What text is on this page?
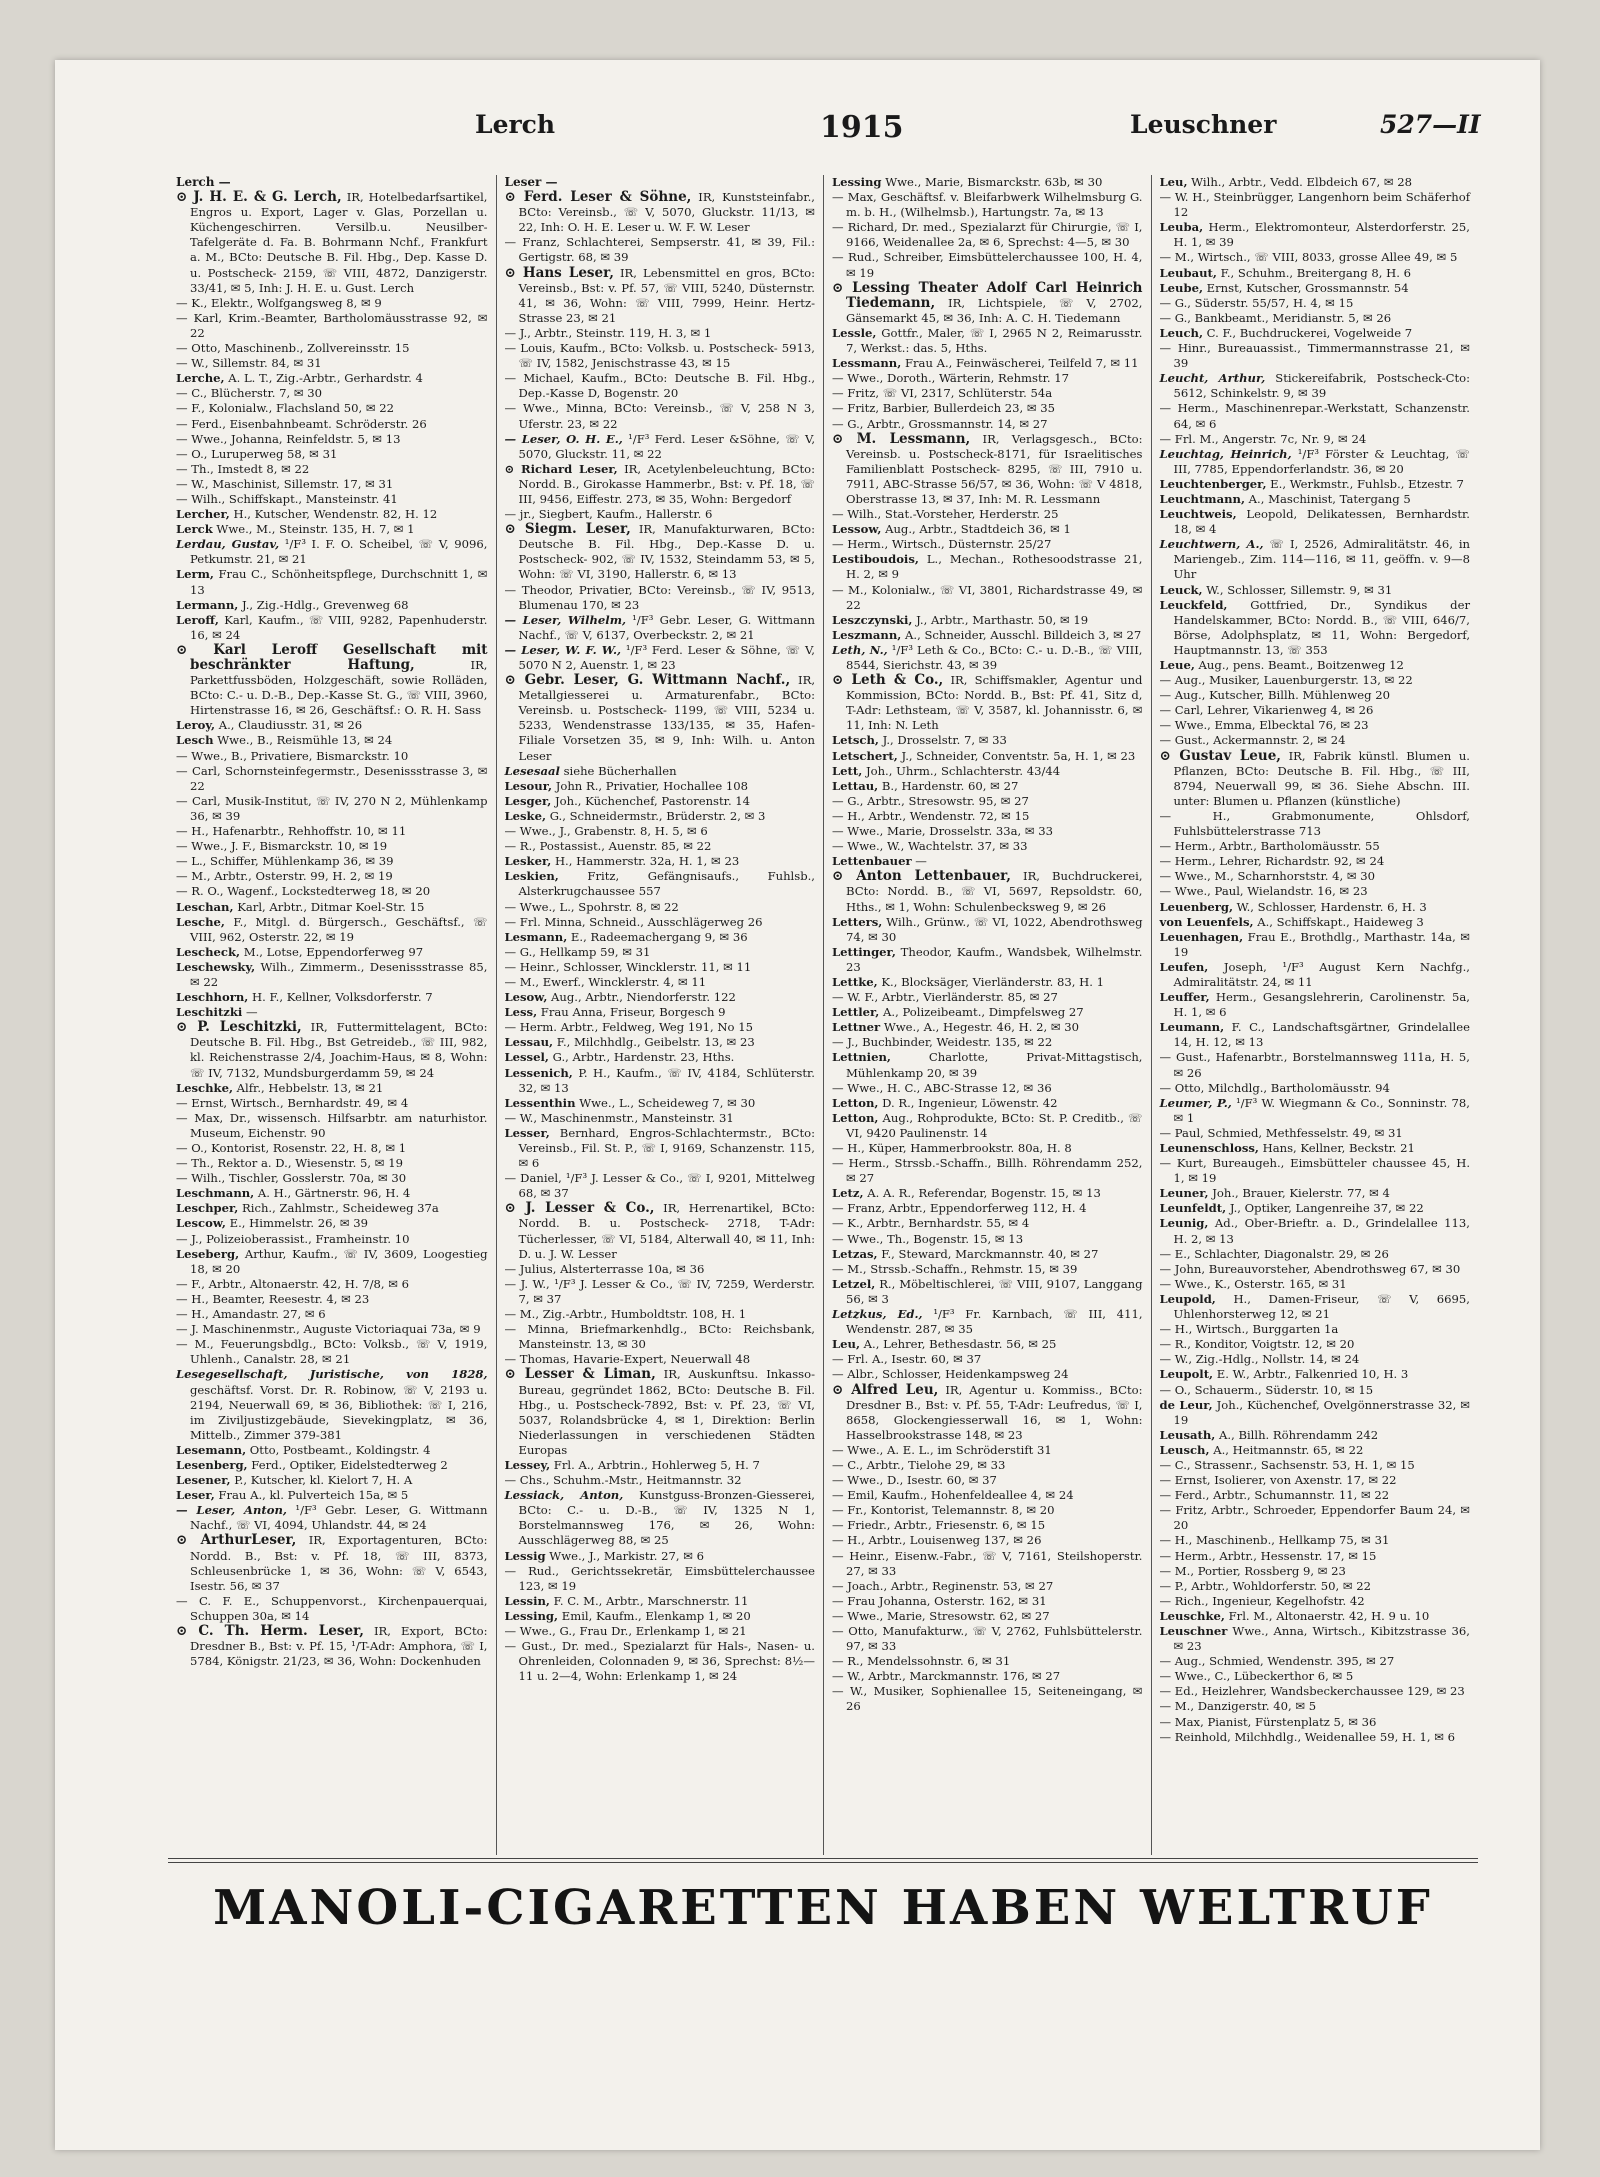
Lerch	1915	Leuschner	527—II
Lerch —

⊙ J. H. E. & G. Lerch, IR, Hotelbedarfsartikel, Engros u. Export, Lager v. Glas, Porzellan u. Küchengeschirren. Versilb.u. Neusilber-Tafelgeräte d. Fa. B. Bohrmann Nchf., Frankfurt a. M., BCto: Deutsche B. Fil. Hbg., Dep. Kasse D. u. Postscheck- 2159, ☏ VIII, 4872, Danzigerstr. 33/41, ✉ 5, Inh: J. H. E. u. Gust. Lerch

— K., Elektr., Wolfgangsweg 8, ✉ 9

— Karl, Krim.-Beamter, Bartholomäusstrasse 92, ✉ 22

— Otto, Maschinenb., Zollvereinsstr. 15

— W., Sillemstr. 84, ✉ 31

Lerche, A. L. T., Zig.-Arbtr., Gerhardstr. 4

— C., Blücherstr. 7, ✉ 30

— F., Kolonialw., Flachsland 50, ✉ 22

— Ferd., Eisenbahnbeamt. Schröderstr. 26

— Wwe., Johanna, Reinfeldstr. 5, ✉ 13

— O., Luruperweg 58, ✉ 31

— Th., Imstedt 8, ✉ 22

— W., Maschinist, Sillemstr. 17, ✉ 31

— Wilh., Schiffskapt., Mansteinstr. 41

Lercher, H., Kutscher, Wendenstr. 82, H. 12

Lerck Wwe., M., Steinstr. 135, H. 7, ✉ 1

Lerdau, Gustav, ¹/F³ I. F. O. Scheibel, ☏ V, 9096, Petkumstr. 21, ✉ 21

Lerm, Frau C., Schönheitspflege, Durchschnitt 1, ✉ 13

Lermann, J., Zig.-Hdlg., Grevenweg 68

Leroff, Karl, Kaufm., ☏ VIII, 9282, Papenhuderstr. 16, ✉ 24

⊙ Karl Leroff Gesellschaft mit beschränkter Haftung, IR, Parkettfussböden, Holzgeschäft, sowie Rolläden, BCto: C.- u. D.-B., Dep.-Kasse St. G., ☏ VIII, 3960, Hirtenstrasse 16, ✉ 26, Geschäftsf.: O. R. H. Sass

Leroy, A., Claudiusstr. 31, ✉ 26

Lesch Wwe., B., Reismühle 13, ✉ 24

— Wwe., B., Privatiere, Bismarckstr. 10

— Carl, Schornsteinfegermstr., Desenissstrasse 3, ✉ 22

— Carl, Musik-Institut, ☏ IV, 270 N 2, Mühlenkamp 36, ✉ 39

— H., Hafenarbtr., Rehhoffstr. 10, ✉ 11

— Wwe., J. F., Bismarckstr. 10, ✉ 19

— L., Schiffer, Mühlenkamp 36, ✉ 39

— M., Arbtr., Osterstr. 99, H. 2, ✉ 19

— R. O., Wagenf., Lockstedterweg 18, ✉ 20

Leschan, Karl, Arbtr., Ditmar Koel-Str. 15

Lesche, F., Mitgl. d. Bürgersch., Geschäftsf., ☏ VIII, 962, Osterstr. 22, ✉ 19

Lescheck, M., Lotse, Eppendorferweg 97

Leschewsky, Wilh., Zimmerm., Desenissstrasse 85, ✉ 22

Leschhorn, H. F., Kellner, Volksdorferstr. 7

Leschitzki —

⊙ P. Leschitzki, IR, Futtermittelagent, BCto: Deutsche B. Fil. Hbg., Bst Getreideb., ☏ III, 982, kl. Reichenstrasse 2/4, Joachim-Haus, ✉ 8, Wohn: ☏ IV, 7132, Mundsburgerdamm 59, ✉ 24

Leschke, Alfr., Hebbelstr. 13, ✉ 21

— Ernst, Wirtsch., Bernhardstr. 49, ✉ 4

— Max, Dr., wissensch. Hilfsarbtr. am naturhistor. Museum, Eichenstr. 90

— O., Kontorist, Rosenstr. 22, H. 8, ✉ 1

— Th., Rektor a. D., Wiesenstr. 5, ✉ 19

— Wilh., Tischler, Gosslerstr. 70a, ✉ 30

Leschmann, A. H., Gärtnerstr. 96, H. 4

Leschper, Rich., Zahlmstr., Scheideweg 37a

Lescow, E., Himmelstr. 26, ✉ 39

— J., Polizeioberassist., Framheinstr. 10

Leseberg, Arthur, Kaufm., ☏ IV, 3609, Loogestieg 18, ✉ 20

— F., Arbtr., Altonaerstr. 42, H. 7/8, ✉ 6

— H., Beamter, Reesestr. 4, ✉ 23

— H., Amandastr. 27, ✉ 6

— J. Maschinenmstr., Auguste Victoriaquai 73a, ✉ 9

— M., Feuerungsbdlg., BCto: Volksb., ☏ V, 1919, Uhlenh., Canalstr. 28, ✉ 21

Lesegesellschaft, Juristische, von 1828, geschäftsf. Vorst. Dr. R. Robinow, ☏ V, 2193 u. 2194, Neuerwall 69, ✉ 36, Bibliothek: ☏ I, 216, im Ziviljustizgebäude, Sievekingplatz, ✉ 36, Mittelb., Zimmer 379-381

Lesemann, Otto, Postbeamt., Koldingstr. 4

Lesenberg, Ferd., Optiker, Eidelstedterweg 2

Lesener, P., Kutscher, kl. Kielort 7, H. A

Leser, Frau A., kl. Pulverteich 15a, ✉ 5

— Leser, Anton, ¹/F³ Gebr. Leser, G. Wittmann Nachf., ☏ VI, 4094, Uhlandstr. 44, ✉ 24

⊙ ArthurLeser, IR, Exportagenturen, BCto: Nordd. B., Bst: v. Pf. 18, ☏ III, 8373, Schleusenbrücke 1, ✉ 36, Wohn: ☏ V, 6543, Isestr. 56, ✉ 37

— C. F. E., Schuppenvorst., Kirchenpauerquai, Schuppen 30a, ✉ 14

⊙ C. Th. Herm. Leser, IR, Export, BCto: Dresdner B., Bst: v. Pf. 15, ¹/T-Adr: Amphora, ☏ I, 5784, Königstr. 21/23, ✉ 36, Wohn: Dockenhuden

Leser —

⊙ Ferd. Leser & Söhne, IR, Kunststeinfabr., BCto: Vereinsb., ☏ V, 5070, Gluckstr. 11/13, ✉ 22, Inh: O. H. E. Leser u. W. F. W. Leser

— Franz, Schlachterei, Sempserstr. 41, ✉ 39, Fil.: Gertigstr. 68, ✉ 39

⊙ Hans Leser, IR, Lebensmittel en gros, BCto: Vereinsb., Bst: v. Pf. 57, ☏ VIII, 5240, Düsternstr. 41, ✉ 36, Wohn: ☏ VIII, 7999, Heinr. Hertz-Strasse 23, ✉ 21

— J., Arbtr., Steinstr. 119, H. 3, ✉ 1

— Louis, Kaufm., BCto: Volksb. u. Postscheck- 5913, ☏ IV, 1582, Jenischstrasse 43, ✉ 15

— Michael, Kaufm., BCto: Deutsche B. Fil. Hbg., Dep.-Kasse D, Bogenstr. 20

— Wwe., Minna, BCto: Vereinsb., ☏ V, 258 N 3, Uferstr. 23, ✉ 22

— Leser, O. H. E., ¹/F³ Ferd. Leser &Söhne, ☏ V, 5070, Gluckstr. 11, ✉ 22

⊙ Richard Leser, IR, Acetylenbeleuchtung, BCto: Nordd. B., Girokasse Hammerbr., Bst: v. Pf. 18, ☏ III, 9456, Eiffestr. 273, ✉ 35, Wohn: Bergedorf

— jr., Siegbert, Kaufm., Hallerstr. 6

⊙ Siegm. Leser, IR, Manufakturwaren, BCto: Deutsche B. Fil. Hbg., Dep.-Kasse D. u. Postscheck- 902, ☏ IV, 1532, Steindamm 53, ✉ 5, Wohn: ☏ VI, 3190, Hallerstr. 6, ✉ 13

— Theodor, Privatier, BCto: Vereinsb., ☏ IV, 9513, Blumenau 170, ✉ 23

— Leser, Wilhelm, ¹/F³ Gebr. Leser, G. Wittmann Nachf., ☏ V, 6137, Overbeckstr. 2, ✉ 21

— Leser, W. F. W., ¹/F³ Ferd. Leser & Söhne, ☏ V, 5070 N 2, Auenstr. 1, ✉ 23

⊙ Gebr. Leser, G. Wittmann Nachf., IR, Metallgiesserei u. Armaturenfabr., BCto: Vereinsb. u. Postscheck- 1199, ☏ VIII, 5234 u. 5233, Wendenstrasse 133/135, ✉ 35, Hafen-Filiale Vorsetzen 35, ✉ 9, Inh: Wilh. u. Anton Leser

Lesesaal siehe Bücherhallen

Lesour, John R., Privatier, Hochallee 108

Lesger, Joh., Küchenchef, Pastorenstr. 14

Leske, G., Schneidermstr., Brüderstr. 2, ✉ 3

— Wwe., J., Grabenstr. 8, H. 5, ✉ 6

— R., Postassist., Auenstr. 85, ✉ 22

Lesker, H., Hammerstr. 32a, H. 1, ✉ 23

Leskien, Fritz, Gefängnisaufs., Fuhlsb., Alsterkrugchaussee 557

— Wwe., L., Spohrstr. 8, ✉ 22

— Frl. Minna, Schneid., Ausschlägerweg 26

Lesmann, E., Radeemachergang 9, ✉ 36

— G., Hellkamp 59, ✉ 31

— Heinr., Schlosser, Wincklerstr. 11, ✉ 11

— M., Ewerf., Wincklerstr. 4, ✉ 11

Lesow, Aug., Arbtr., Niendorferstr. 122

Less, Frau Anna, Friseur, Borgesch 9

— Herm. Arbtr., Feldweg, Weg 191, No 15

Lessau, F., Milchhdlg., Geibelstr. 13, ✉ 23

Lessel, G., Arbtr., Hardenstr. 23, Hths.

Lessenich, P. H., Kaufm., ☏ IV, 4184, Schlüterstr. 32, ✉ 13

Lessenthin Wwe., L., Scheideweg 7, ✉ 30

— W., Maschinenmstr., Mansteinstr. 31

Lesser, Bernhard, Engros-Schlachtermstr., BCto: Vereinsb., Fil. St. P., ☏ I, 9169, Schanzenstr. 115, ✉ 6

— Daniel, ¹/F³ J. Lesser & Co., ☏ I, 9201, Mittelweg 68, ✉ 37

⊙ J. Lesser & Co., IR, Herrenartikel, BCto: Nordd. B. u. Postscheck- 2718, T-Adr: Tücherlesser, ☏ VI, 5184, Alterwall 40, ✉ 11, Inh: D. u. J. W. Lesser

— Julius, Alsterterrasse 10a, ✉ 36

— J. W., ¹/F³ J. Lesser & Co., ☏ IV, 7259, Werderstr. 7, ✉ 37

— M., Zig.-Arbtr., Humboldtstr. 108, H. 1

— Minna, Briefmarkenhdlg., BCto: Reichsbank, Mansteinstr. 13, ✉ 30

— Thomas, Havarie-Expert, Neuerwall 48

⊙ Lesser & Liman, IR, Auskunftsu. Inkasso-Bureau, gegründet 1862, BCto: Deutsche B. Fil. Hbg., u. Postscheck-7892, Bst: v. Pf. 23, ☏ VI, 5037, Rolandsbrücke 4, ✉ 1, Direktion: Berlin Niederlassungen in verschiedenen Städten Europas

Lessey, Frl. A., Arbtrin., Hohlerweg 5, H. 7

— Chs., Schuhm.-Mstr., Heitmannstr. 32

Lessiack, Anton, Kunstguss-Bronzen-Giesserei, BCto: C.- u. D.-B., ☏ IV, 1325 N 1, Borstelmannsweg 176, ✉ 26, Wohn: Ausschlägerweg 88, ✉ 25

Lessig Wwe., J., Markistr. 27, ✉ 6

— Rud., Gerichtssekretär, Eimsbüttelerchaussee 123, ✉ 19

Lessin, F. C. M., Arbtr., Marschnerstr. 11

Lessing, Emil, Kaufm., Elenkamp 1, ✉ 20

— Wwe., G., Frau Dr., Erlenkamp 1, ✉ 21

— Gust., Dr. med., Spezialarzt für Hals-, Nasen- u. Ohrenleiden, Colonnaden 9, ✉ 36, Sprechst: 8½—11 u. 2—4, Wohn: Erlenkamp 1, ✉ 24

Lessing Wwe., Marie, Bismarckstr. 63b, ✉ 30

— Max, Geschäftsf. v. Bleifarbwerk Wilhelmsburg G. m. b. H., (Wilhelmsb.), Hartungstr. 7a, ✉ 13

— Richard, Dr. med., Spezialarzt für Chirurgie, ☏ I, 9166, Weidenallee 2a, ✉ 6, Sprechst: 4—5, ✉ 30

— Rud., Schreiber, Eimsbüttelerchaussee 100, H. 4, ✉ 19

⊙ Lessing Theater Adolf Carl Heinrich Tiedemann, IR, Lichtspiele, ☏ V, 2702, Gänsemarkt 45, ✉ 36, Inh: A. C. H. Tiedemann

Lessle, Gottfr., Maler, ☏ I, 2965 N 2, Reimarusstr. 7, Werkst.: das. 5, Hths.

Lessmann, Frau A., Feinwäscherei, Teilfeld 7, ✉ 11

— Wwe., Doroth., Wärterin, Rehmstr. 17

— Fritz, ☏ VI, 2317, Schlüterstr. 54a

— Fritz, Barbier, Bullerdeich 23, ✉ 35

— G., Arbtr., Grossmannstr. 14, ✉ 27

⊙ M. Lessmann, IR, Verlagsgesch., BCto: Vereinsb. u. Postscheck-8171, für Israelitisches Familienblatt Postscheck- 8295, ☏ III, 7910 u. 7911, ABC-Strasse 56/57, ✉ 36, Wohn: ☏ V 4818, Oberstrasse 13, ✉ 37, Inh: M. R. Lessmann

— Wilh., Stat.-Vorsteher, Herderstr. 25

Lessow, Aug., Arbtr., Stadtdeich 36, ✉ 1

— Herm., Wirtsch., Düsternstr. 25/27

Lestiboudois, L., Mechan., Rothesoodstrasse 21, H. 2, ✉ 9

— M., Kolonialw., ☏ VI, 3801, Richardstrasse 49, ✉ 22

Leszczynski, J., Arbtr., Marthastr. 50, ✉ 19

Leszmann, A., Schneider, Ausschl. Billdeich 3, ✉ 27

Leth, N., ¹/F³ Leth & Co., BCto: C.- u. D.-B., ☏ VIII, 8544, Sierichstr. 43, ✉ 39

⊙ Leth & Co., IR, Schiffsmakler, Agentur und Kommission, BCto: Nordd. B., Bst: Pf. 41, Sitz d, T-Adr: Lethsteam, ☏ V, 3587, kl. Johannisstr. 6, ✉ 11, Inh: N. Leth

Letsch, J., Drosselstr. 7, ✉ 33

Letschert, J., Schneider, Conventstr. 5a, H. 1, ✉ 23

Lett, Joh., Uhrm., Schlachterstr. 43/44

Lettau, B., Hardenstr. 60, ✉ 27

— G., Arbtr., Stresowstr. 95, ✉ 27

— H., Arbtr., Wendenstr. 72, ✉ 15

— Wwe., Marie, Drosselstr. 33a, ✉ 33

— Wwe., W., Wachtelstr. 37, ✉ 33

Lettenbauer —

⊙ Anton Lettenbauer, IR, Buchdruckerei, BCto: Nordd. B., ☏ VI, 5697, Repsoldstr. 60, Hths., ✉ 1, Wohn: Schulenbecksweg 9, ✉ 26

Letters, Wilh., Grünw., ☏ VI, 1022, Abendrothsweg 74, ✉ 30

Lettinger, Theodor, Kaufm., Wandsbek, Wilhelmstr. 23

Lettke, K., Blocksäger, Vierländerstr. 83, H. 1

— W. F., Arbtr., Vierländerstr. 85, ✉ 27

Lettler, A., Polizeibeamt., Dimpfelsweg 27

Lettner Wwe., A., Hegestr. 46, H. 2, ✉ 30

— J., Buchbinder, Weidestr. 135, ✉ 22

Lettnien, Charlotte, Privat-Mittagstisch, Mühlenkamp 20, ✉ 39

— Wwe., H. C., ABC-Strasse 12, ✉ 36

Letton, D. R., Ingenieur, Löwenstr. 42

Letton, Aug., Rohprodukte, BCto: St. P. Creditb., ☏ VI, 9420 Paulinenstr. 14

— H., Küper, Hammerbrookstr. 80a, H. 8

— Herm., Strssb.-Schaffn., Billh. Röhrendamm 252, ✉ 27

Letz, A. A. R., Referendar, Bogenstr. 15, ✉ 13

— Franz, Arbtr., Eppendorferweg 112, H. 4

— K., Arbtr., Bernhardstr. 55, ✉ 4

— Wwe., Th., Bogenstr. 15, ✉ 13

Letzas, F., Steward, Marckmannstr. 40, ✉ 27

— M., Strssb.-Schaffn., Rehmstr. 15, ✉ 39

Letzel, R., Möbeltischlerei, ☏ VIII, 9107, Langgang 56, ✉ 3

Letzkus, Ed., ¹/F³ Fr. Karnbach, ☏ III, 411, Wendenstr. 287, ✉ 35

Leu, A., Lehrer, Bethesdastr. 56, ✉ 25

— Frl. A., Isestr. 60, ✉ 37

— Albr., Schlosser, Heidenkampsweg 24

⊙ Alfred Leu, IR, Agentur u. Kommiss., BCto: Dresdner B., Bst: v. Pf. 55, T-Adr: Leufredus, ☏ I, 8658, Glockengiesserwall 16, ✉ 1, Wohn: Hasselbrookstrasse 148, ✉ 23

— Wwe., A. E. L., im Schröderstift 31

— C., Arbtr., Tielohe 29, ✉ 33

— Wwe., D., Isestr. 60, ✉ 37

— Emil, Kaufm., Hohenfeldeallee 4, ✉ 24

— Fr., Kontorist, Telemannstr. 8, ✉ 20

— Friedr., Arbtr., Friesenstr. 6, ✉ 15

— H., Arbtr., Louisenweg 137, ✉ 26

— Heinr., Eisenw.-Fabr., ☏ V, 7161, Steilshoperstr. 27, ✉ 33

— Joach., Arbtr., Reginenstr. 53, ✉ 27

— Frau Johanna, Osterstr. 162, ✉ 31

— Wwe., Marie, Stresowstr. 62, ✉ 27

— Otto, Manufakturw., ☏ V, 2762, Fuhlsbüttelerstr. 97, ✉ 33

— R., Mendelssohnstr. 6, ✉ 31

— W., Arbtr., Marckmannstr. 176, ✉ 27

— W., Musiker, Sophienallee 15, Seiteneingang, ✉ 26

Leu, Wilh., Arbtr., Vedd. Elbdeich 67, ✉ 28

— W. H., Steinbrügger, Langenhorn beim Schäferhof 12

Leuba, Herm., Elektromonteur, Alsterdorferstr. 25, H. 1, ✉ 39

— M., Wirtsch., ☏ VIII, 8033, grosse Allee 49, ✉ 5

Leubaut, F., Schuhm., Breitergang 8, H. 6

Leube, Ernst, Kutscher, Grossmannstr. 54

— G., Süderstr. 55/57, H. 4, ✉ 15

— G., Bankbeamt., Meridianstr. 5, ✉ 26

Leuch, C. F., Buchdruckerei, Vogelweide 7

— Hinr., Bureauassist., Timmermannstrasse 21, ✉ 39

Leucht, Arthur, Stickereifabrik, Postscheck-Cto: 5612, Schinkelstr. 9, ✉ 39

— Herm., Maschinenrepar.-Werkstatt, Schanzenstr. 64, ✉ 6

— Frl. M., Angerstr. 7c, Nr. 9, ✉ 24

Leuchtag, Heinrich, ¹/F³ Förster & Leuchtag, ☏ III, 7785, Eppendorferlandstr. 36, ✉ 20

Leuchtenberger, E., Werkmstr., Fuhlsb., Etzestr. 7

Leuchtmann, A., Maschinist, Tatergang 5

Leuchtweis, Leopold, Delikatessen, Bernhardstr. 18, ✉ 4

Leuchtwern, A., ☏ I, 2526, Admiralitätstr. 46, in Mariengeb., Zim. 114—116, ✉ 11, geöffn. v. 9—8 Uhr

Leuck, W., Schlosser, Sillemstr. 9, ✉ 31

Leuckfeld, Gottfried, Dr., Syndikus der Handelskammer, BCto: Nordd. B., ☏ VIII, 646/7, Börse, Adolphsplatz, ✉ 11, Wohn: Bergedorf, Hauptmannstr. 13, ☏ 353

Leue, Aug., pens. Beamt., Boitzenweg 12

— Aug., Musiker, Lauenburgerstr. 13, ✉ 22

— Aug., Kutscher, Billh. Mühlenweg 20

— Carl, Lehrer, Vikarienweg 4, ✉ 26

— Wwe., Emma, Elbecktal 76, ✉ 23

— Gust., Ackermannstr. 2, ✉ 24

⊙ Gustav Leue, IR, Fabrik künstl. Blumen u. Pflanzen, BCto: Deutsche B. Fil. Hbg., ☏ III, 8794, Neuerwall 99, ✉ 36. Siehe Abschn. III. unter: Blumen u. Pflanzen (künstliche)

— H., Grabmonumente, Ohlsdorf, Fuhlsbüttelerstrasse 713

— Herm., Arbtr., Bartholomäusstr. 55

— Herm., Lehrer, Richardstr. 92, ✉ 24

— Wwe., M., Scharnhorststr. 4, ✉ 30

— Wwe., Paul, Wielandstr. 16, ✉ 23

Leuenberg, W., Schlosser, Hardenstr. 6, H. 3

von Leuenfels, A., Schiffskapt., Haideweg 3

Leuenhagen, Frau E., Brothdlg., Marthastr. 14a, ✉ 19

Leufen, Joseph, ¹/F³ August Kern Nachfg., Admiralitätstr. 24, ✉ 11

Leuffer, Herm., Gesangslehrerin, Carolinenstr. 5a, H. 1, ✉ 6

Leumann, F. C., Landschaftsgärtner, Grindelallee 14, H. 12, ✉ 13

— Gust., Hafenarbtr., Borstelmannsweg 111a, H. 5, ✉ 26

— Otto, Milchdlg., Bartholomäusstr. 94

Leumer, P., ¹/F³ W. Wiegmann & Co., Sonninstr. 78, ✉ 1

— Paul, Schmied, Methfesselstr. 49, ✉ 31

Leunenschloss, Hans, Kellner, Beckstr. 21

— Kurt, Bureaugeh., Eimsbütteler chaussee 45, H. 1, ✉ 19

Leuner, Joh., Brauer, Kielerstr. 77, ✉ 4

Leunfeldt, J., Optiker, Langenreihe 37, ✉ 22

Leunig, Ad., Ober-Brieftr. a. D., Grindelallee 113, H. 2, ✉ 13

— E., Schlachter, Diagonalstr. 29, ✉ 26

— John, Bureauvorsteher, Abendrothsweg 67, ✉ 30

— Wwe., K., Osterstr. 165, ✉ 31

Leupold, H., Damen-Friseur, ☏ V, 6695, Uhlenhorsterweg 12, ✉ 21

— H., Wirtsch., Burggarten 1a

— R., Konditor, Voigtstr. 12, ✉ 20

— W., Zig.-Hdlg., Nollstr. 14, ✉ 24

Leupolt, E. W., Arbtr., Falkenried 10, H. 3

— O., Schauerm., Süderstr. 10, ✉ 15

de Leur, Joh., Küchenchef, Ovelgönnerstrasse 32, ✉ 19

Leusath, A., Billh. Röhrendamm 242

Leusch, A., Heitmannstr. 65, ✉ 22

— C., Strassenr., Sachsenstr. 53, H. 1, ✉ 15

— Ernst, Isolierer, von Axenstr. 17, ✉ 22

— Ferd., Arbtr., Schumannstr. 11, ✉ 22

— Fritz, Arbtr., Schroeder, Eppendorfer Baum 24, ✉ 20

— H., Maschinenb., Hellkamp 75, ✉ 31

— Herm., Arbtr., Hessenstr. 17, ✉ 15

— M., Portier, Rossberg 9, ✉ 23

— P., Arbtr., Wohldorferstr. 50, ✉ 22

— Rich., Ingenieur, Kegelhofstr. 42

Leuschke, Frl. M., Altonaerstr. 42, H. 9 u. 10

Leuschner Wwe., Anna, Wirtsch., Kibitzstrasse 36, ✉ 23

— Aug., Schmied, Wendenstr. 395, ✉ 27

— Wwe., C., Lübeckerthor 6, ✉ 5

— Ed., Heizlehrer, Wandsbeckerchaussee 129, ✉ 23

— M., Danzigerstr. 40, ✉ 5

— Max, Pianist, Fürstenplatz 5, ✉ 36

— Reinhold, Milchhdlg., Weidenallee 59, H. 1, ✉ 6

MANOLI-CIGARETTEN HABEN WELTRUF
